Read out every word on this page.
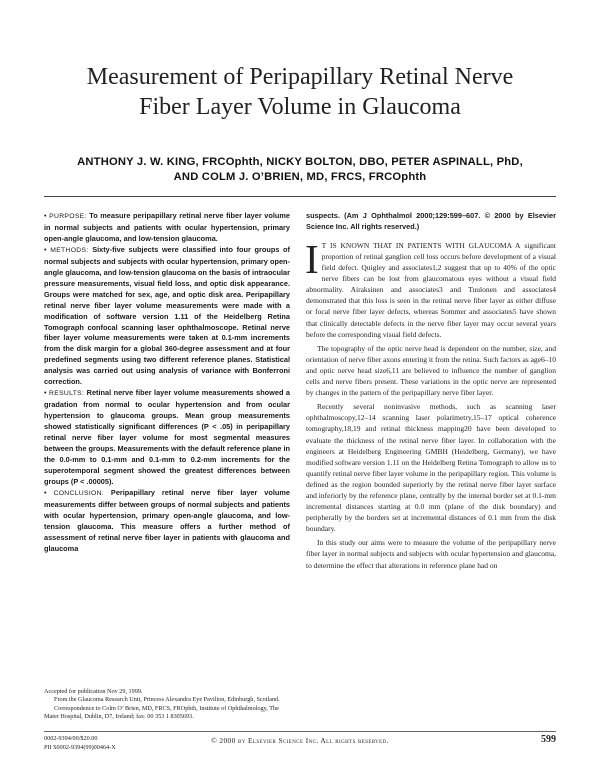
Measurement of Peripapillary Retinal Nerve
Fiber Layer Volume in Glaucoma
ANTHONY J. W. KING, FRCOphth, NICKY BOLTON, DBO, PETER ASPINALL, PhD,
AND COLM J. O’BRIEN, MD, FRCS, FRCOphth

• PURPOSE: To measure peripapillary retinal nerve fiber layer volume in normal subjects and patients with ocular hypertension, primary open-angle glaucoma, and low-tension glaucoma.

• METHODS: Sixty-five subjects were classified into four groups of normal subjects and subjects with ocular hypertension, primary open-angle glaucoma, and low-tension glaucoma on the basis of intraocular pressure measurements, visual field loss, and optic disk appearance. Groups were matched for sex, age, and optic disk area. Peripapillary retinal nerve fiber layer volume measurements were made with a modification of software version 1.11 of the Heidelberg Retina Tomograph confocal scanning laser ophthalmoscope. Retinal nerve fiber layer volume measurements were taken at 0.1-mm increments from the disk margin for a global 360-degree assessment and at four predefined segments using two different reference planes. Statistical analysis was carried out using analysis of variance with Bonferroni correction.

• RESULTS: Retinal nerve fiber layer volume measurements showed a gradation from normal to ocular hypertension and from ocular hypertension to glaucoma groups. Mean group measurements showed statistically significant differences (P < .05) in peripapillary retinal nerve fiber layer volume for most segmental measures between the groups. Measurements with the default reference plane in the 0.0-mm to 0.1-mm and 0.1-mm to 0.2-mm increments for the superotemporal segment showed the greatest differences between groups (P < .00005).

• CONCLUSION: Peripapillary retinal nerve fiber layer volume measurements differ between groups of normal subjects and patients with ocular hypertension, primary open-angle glaucoma, and low-tension glaucoma. This measure offers a further method of assessment of retinal nerve fiber layer in patients with glaucoma and glaucoma

Accepted for publication Nov 29, 1999.

From the Glaucoma Research Unit, Princess Alexandra Eye Pavilion, Edinburgh, Scotland.

Correspondence to Colm O’ Brien, MD, FRCS, FROphth, Institute of Ophthalmology, The Mater Hospital, Dublin, D7, Ireland; fax: 00 353 1 8305693.

suspects. (Am J Ophthalmol 2000;129:599–607. © 2000 by Elsevier Science Inc. All rights reserved.)

I T IS KNOWN THAT IN PATIENTS WITH GLAUCOMA A significant proportion of retinal ganglion cell loss occurs before development of a visual field defect. Quigley and associates1,2 suggest that up to 40% of the optic nerve fibers can be lost from glaucomatous eyes without a visual field abnormality. Airaksinen and associates3 and Tuulonen and associates4 demonstrated that this loss is seen in the retinal nerve fiber layer as either diffuse or focal nerve fiber layer defects, whereas Sommer and associates5 have shown that clinically detectable defects in the nerve fiber layer may occur several years before the corresponding visual field defects.

The topography of the optic nerve head is dependent on the number, size, and orientation of nerve fiber axons entering it from the retina. Such factors as age6–10 and optic nerve head size6,11 are believed to influence the number of ganglion cells and nerve fibers present. These variations in the optic nerve are represented by changes in the pattern of the peripapillary nerve fiber layer.

Recently several noninvasive methods, such as scanning laser ophthalmoscopy,12–14 scanning laser polarimetry,15–17 optical coherence tomography,18,19 and retinal thickness mapping20 have been developed to evaluate the thickness of the retinal nerve fiber layer. In collaboration with the engineers at Heidelberg Engineering GMBH (Heidelberg, Germany), we have modified software version 1.11 on the Heidelberg Retina Tomograph to allow us to quantify retinal nerve fiber layer volume in the peripapillary region. This volume is defined as the region bounded superiorly by the retinal nerve fiber layer surface and inferiorly by the reference plane, centrally by the internal border set at 0.1-mm incremental distances starting at 0.0 mm (plane of the disk boundary) and peripherally by the borders set at incremental distances of 0.1 mm from the disk boundary.

In this study our aims were to measure the volume of the peripapillary nerve fiber layer in normal subjects and subjects with ocular hypertension and glaucoma, to determine the effect that alterations in reference plane had on

0002-9394/00/$20.00
PII S0002-9394(99)00464-X
© 2000 by Elsevier Science Inc. All rights reserved.	599
